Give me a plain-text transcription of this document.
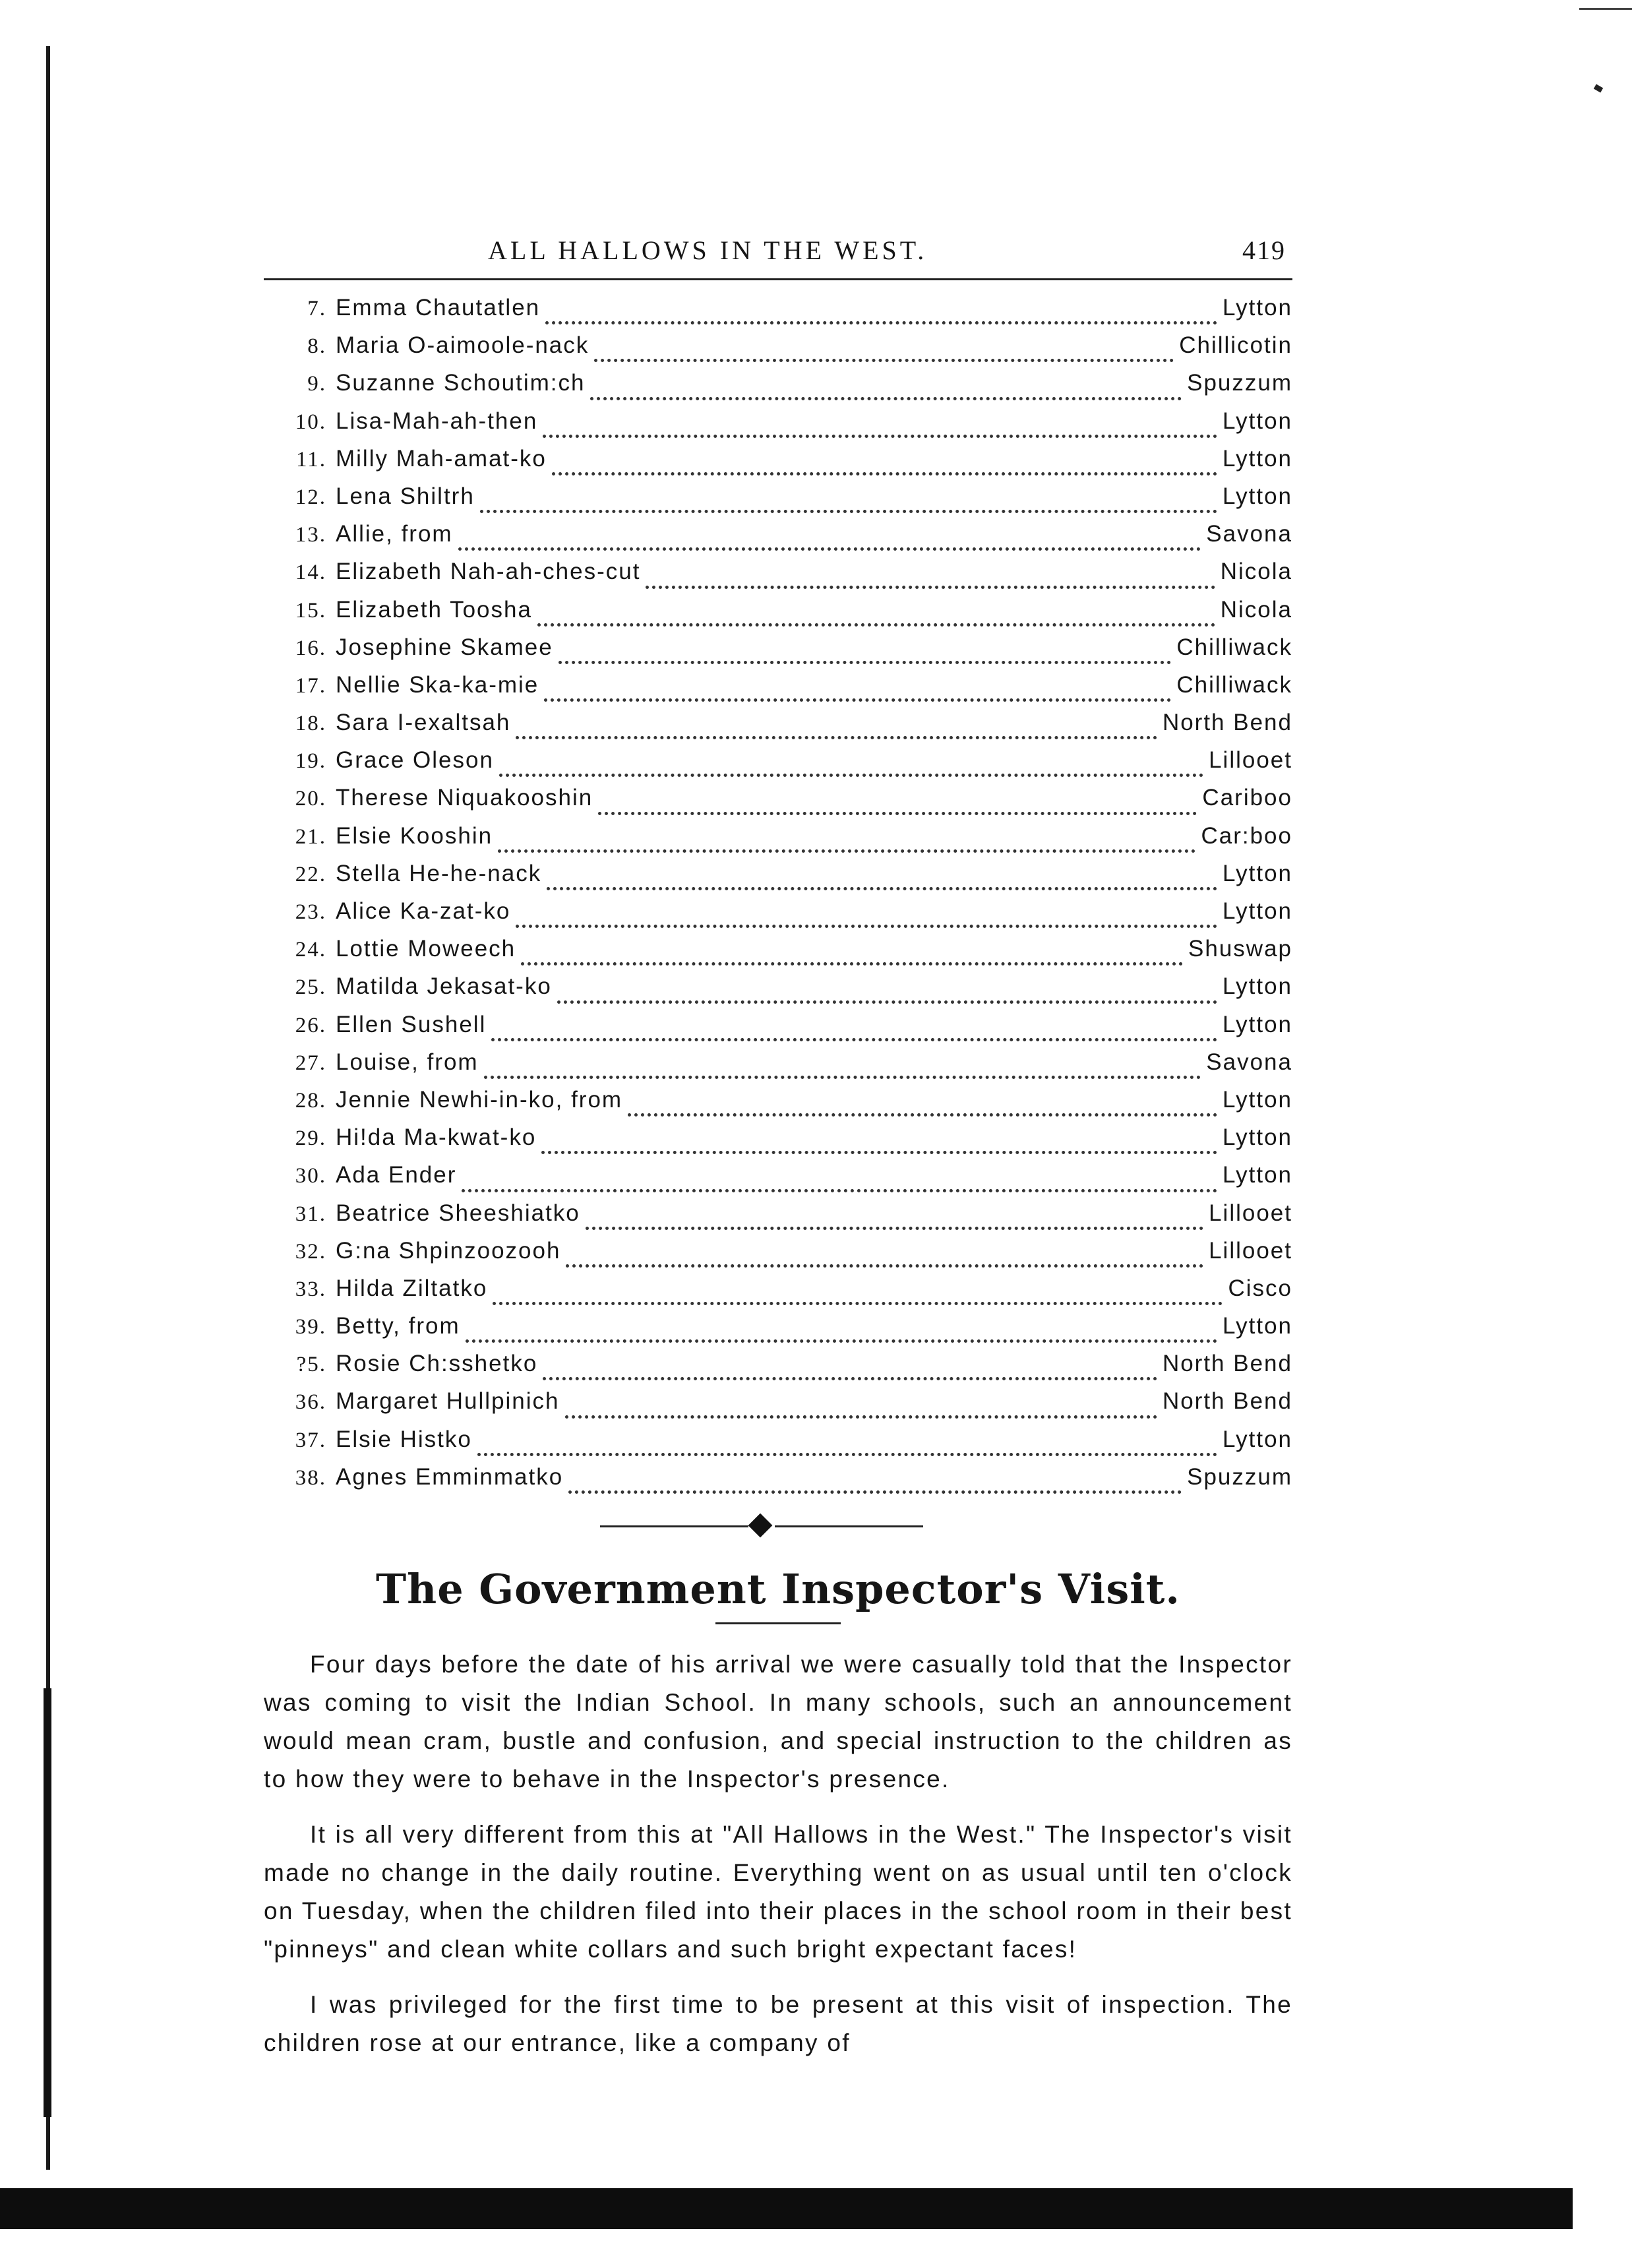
ALL HALLOWS IN THE WEST.	419
7. Emma Chautatlen	Lytton
8. Maria O-aimoole-nack	Chillicotin
9. Suzanne Schoutim:ch	Spuzzum
10. Lisa-Mah-ah-then	Lytton
11. Milly Mah-amat-ko	Lytton
12. Lena Shiltrh	Lytton
13. Allie, from	Savona
14. Elizabeth Nah-ah-ches-cut	Nicola
15. Elizabeth Toosha	Nicola
16. Josephine Skamee	Chilliwack
17. Nellie Ska-ka-mie	Chilliwack
18. Sara I-exaltsah	North Bend
19. Grace Oleson	Lillooet
20. Therese Niquakooshin	Cariboo
21. Elsie Kooshin	Car:boo
22. Stella He-he-nack	Lytton
23. Alice Ka-zat-ko	Lytton
24. Lottie Moweech	Shuswap
25. Matilda Jekasat-ko	Lytton
26. Ellen Sushell	Lytton
27. Louise, from	Savona
28. Jennie Newhi-in-ko, from	Lytton
29. Hi!da Ma-kwat-ko	Lytton
30. Ada Ender	Lytton
31. Beatrice Sheeshiatko	Lillooet
32. G:na Shpinzoozooh	Lillooet
33. Hilda Ziltatko	Cisco
39. Betty, from	Lytton
?5. Rosie Ch:sshetko	North Bend
36. Margaret Hullpinich	North Bend
37. Elsie Histko	Lytton
38. Agnes Emminmatko	Spuzzum
The Government Inspector's Visit.

Four days before the date of his arrival we were casually told that the Inspector was coming to visit the Indian School. In many schools, such an announcement would mean cram, bustle and confusion, and special instruction to the children as to how they were to behave in the Inspector's presence.

It is all very different from this at "All Hallows in the West." The Inspector's visit made no change in the daily routine. Everything went on as usual until ten o'clock on Tuesday, when the children filed into their places in the school room in their best "pinneys" and clean white collars and such bright expectant faces!

I was privileged for the first time to be present at this visit of inspection. The children rose at our entrance, like a company of
